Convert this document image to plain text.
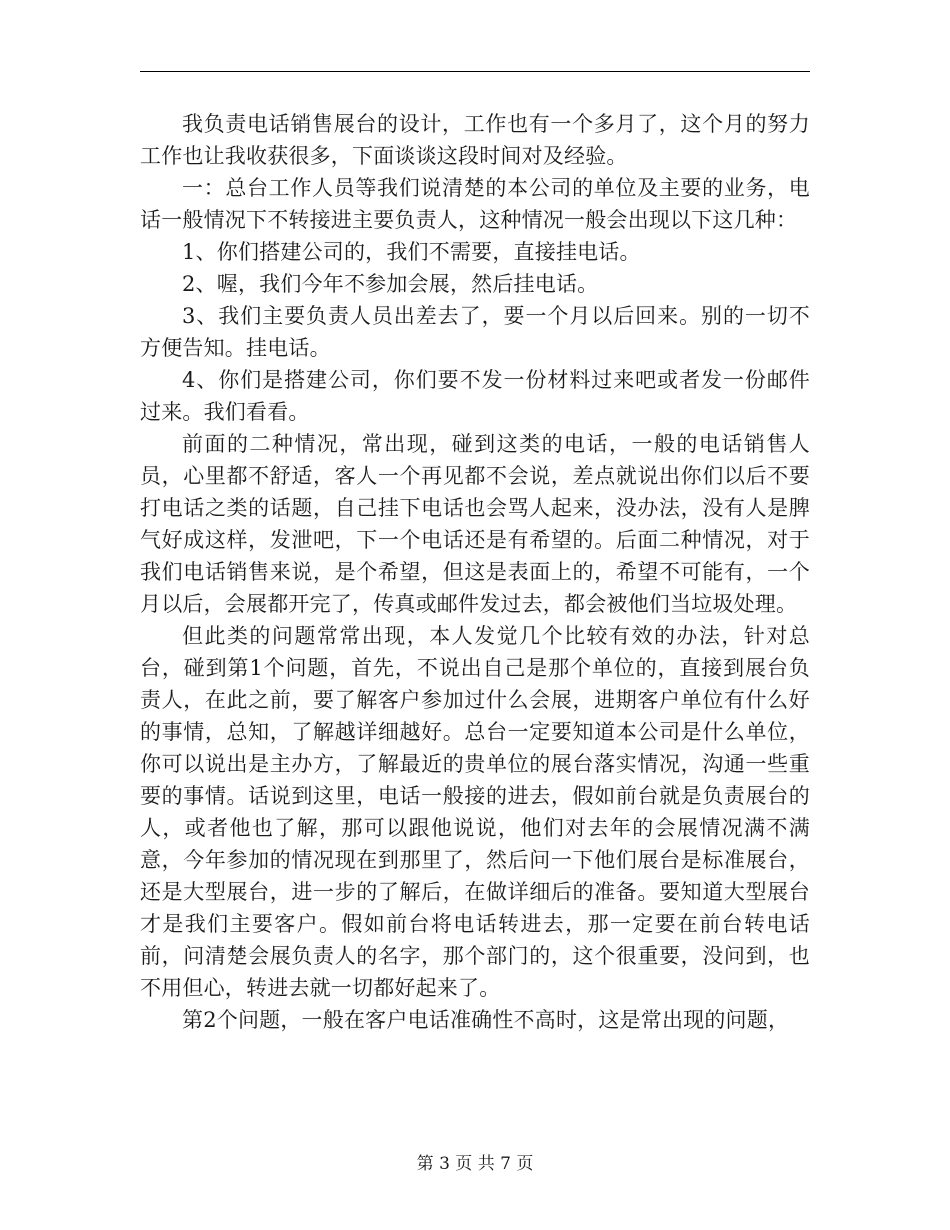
我负责电话销售展台的设计，工作也有一个多月了，这个月的努力工作也让我收获很多，下面谈谈这段时间对及经验。

一：总台工作人员等我们说清楚的本公司的单位及主要的业务，电话一般情况下不转接进主要负责人，这种情况一般会出现以下这几种：

1、你们搭建公司的，我们不需要，直接挂电话。

2、喔，我们今年不参加会展，然后挂电话。

3、我们主要负责人员出差去了，要一个月以后回来。别的一切不方便告知。挂电话。

4、你们是搭建公司，你们要不发一份材料过来吧或者发一份邮件过来。我们看看。

前面的二种情况，常出现，碰到这类的电话，一般的电话销售人员，心里都不舒适，客人一个再见都不会说，差点就说出你们以后不要打电话之类的话题，自己挂下电话也会骂人起来，没办法，没有人是脾气好成这样，发泄吧，下一个电话还是有希望的。后面二种情况，对于我们电话销售来说，是个希望，但这是表面上的，希望不可能有，一个月以后，会展都开完了，传真或邮件发过去，都会被他们当垃圾处理。

但此类的问题常常出现，本人发觉几个比较有效的办法，针对总台，碰到第1个问题，首先，不说出自己是那个单位的，直接到展台负责人，在此之前，要了解客户参加过什么会展，进期客户单位有什么好的事情，总知，了解越详细越好。总台一定要知道本公司是什么单位，你可以说出是主办方，了解最近的贵单位的展台落实情况，沟通一些重要的事情。话说到这里，电话一般接的进去，假如前台就是负责展台的人，或者他也了解，那可以跟他说说，他们对去年的会展情况满不满意，今年参加的情况现在到那里了，然后问一下他们展台是标准展台，还是大型展台，进一步的了解后，在做详细后的准备。要知道大型展台才是我们主要客户。假如前台将电话转进去，那一定要在前台转电话前，问清楚会展负责人的名字，那个部门的，这个很重要，没问到，也不用但心，转进去就一切都好起来了。

第2个问题，一般在客户电话准确性不高时，这是常出现的问题，

第 3 页 共 7 页
